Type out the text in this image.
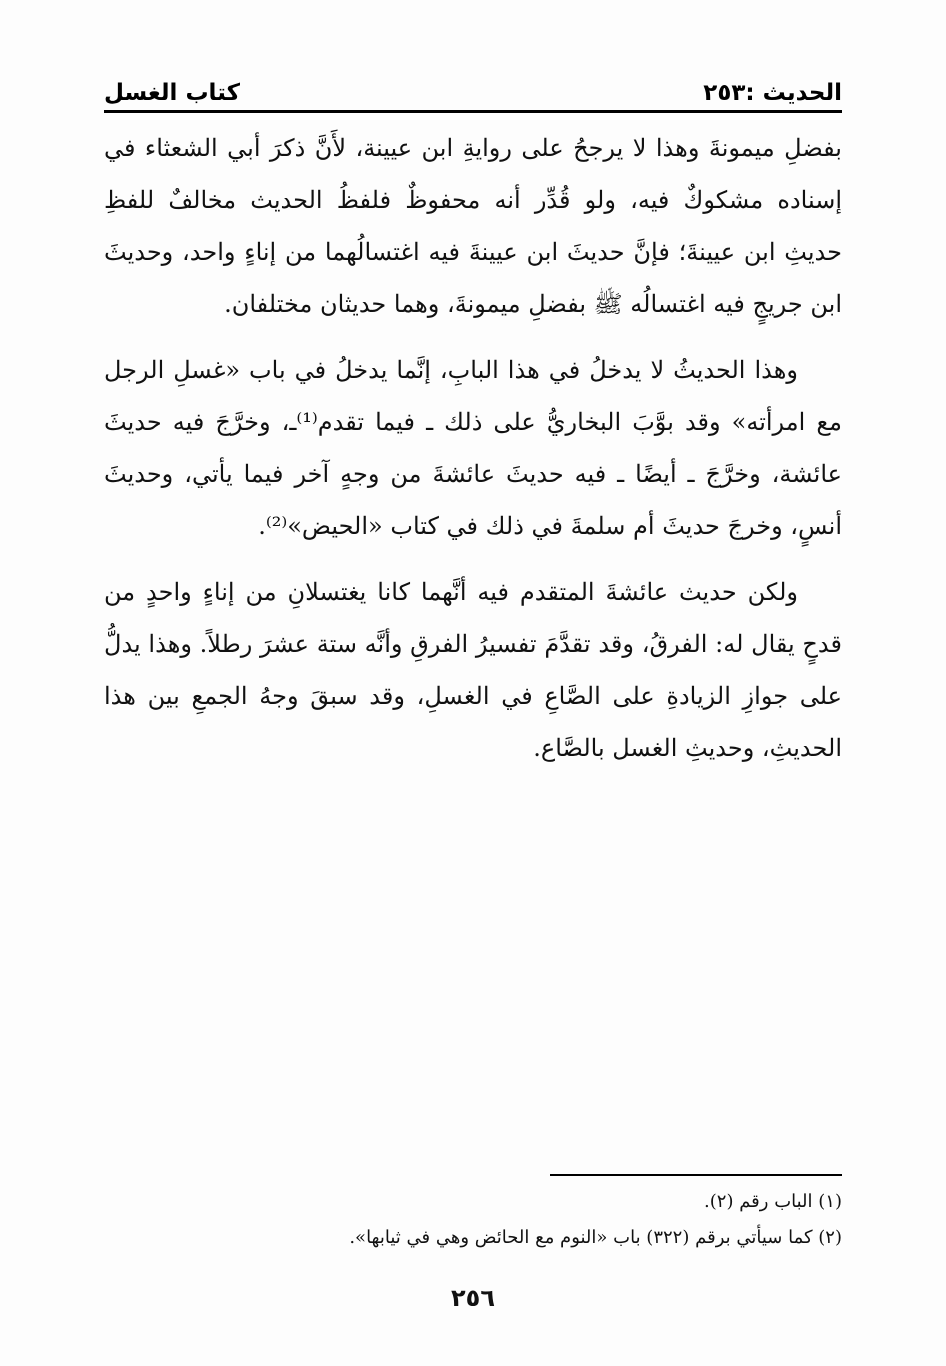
الحديث :٢٥٣
كتاب الغسل

بفضلِ ميمونةَ وهذا لا يرجحُ على روايةِ ابن عيينة، لأَنَّ ذكرَ أبي الشعثاء في إسناده مشكوكٌ فيه، ولو قُدِّر أنه محفوظٌ فلفظُ الحديث مخالفٌ للفظِ حديثِ ابن عيينةَ؛ فإنَّ حديثَ ابن عيينةَ فيه اغتسالُهما من إناءٍ واحد، وحديثَ ابن جريجٍ فيه اغتسالُه ﷺ بفضلِ ميمونةَ، وهما حديثان مختلفان.

وهذا الحديثُ لا يدخلُ في هذا البابِ، إنَّما يدخلُ في باب «غسلِ الرجل مع امرأته» وقد بوَّبَ البخاريُّ على ذلك ـ فيما تقدم⁽¹⁾ـ، وخرَّجَ فيه حديثَ عائشة، وخرَّجَ ـ أيضًا ـ فيه حديثَ عائشةَ من وجهٍ آخر فيما يأتي، وحديثَ أنسٍ، وخرجَ حديثَ أم سلمةَ في ذلك في كتاب «الحيض»⁽²⁾.

ولكن حديث عائشةَ المتقدم فيه أنَّهما كانا يغتسلانِ من إناءٍ واحدٍ من قدحٍ يقال له: الفرقُ، وقد تقدَّمَ تفسيرُ الفرقِ وأنَّه ستة عشرَ رطلاً. وهذا يدلُّ على جوازِ الزيادةِ على الصَّاعِ في الغسلِ، وقد سبقَ وجهُ الجمعِ بين هذا الحديثِ، وحديثِ الغسل بالصَّاع.

(١) الباب رقم (٢).
(٢) كما سيأتي برقم (٣٢٢) باب «النوم مع الحائض وهي في ثيابها».
٢٥٦
